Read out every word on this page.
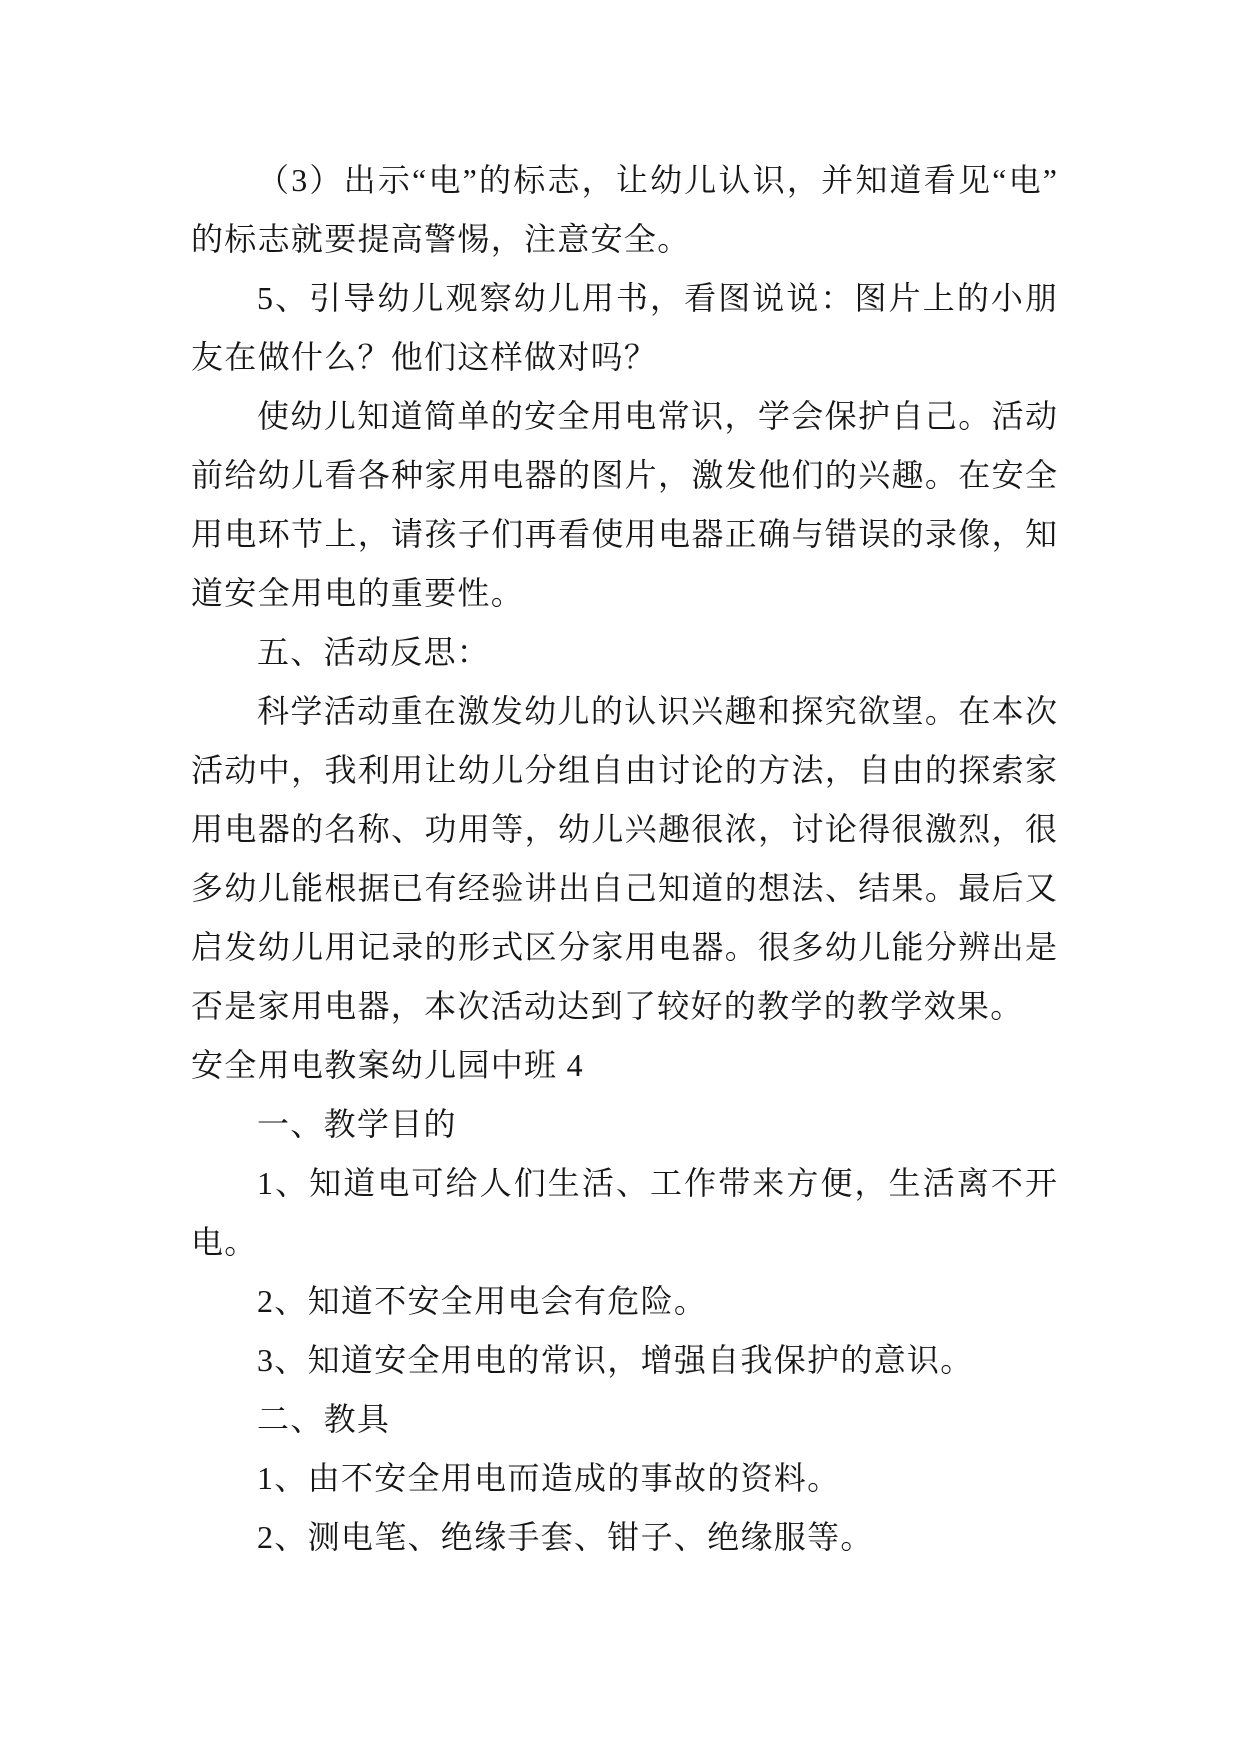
（3）出示“电”的标志，让幼儿认识，并知道看见“电”
的标志就要提高警惕，注意安全。
5、引导幼儿观察幼儿用书，看图说说：图片上的小朋
友在做什么？他们这样做对吗？
使幼儿知道简单的安全用电常识，学会保护自己。活动
前给幼儿看各种家用电器的图片，激发他们的兴趣。在安全
用电环节上，请孩子们再看使用电器正确与错误的录像，知
道安全用电的重要性。
五、活动反思：
科学活动重在激发幼儿的认识兴趣和探究欲望。在本次
活动中，我利用让幼儿分组自由讨论的方法，自由的探索家
用电器的名称、功用等，幼儿兴趣很浓，讨论得很激烈，很
多幼儿能根据已有经验讲出自己知道的想法、结果。最后又
启发幼儿用记录的形式区分家用电器。很多幼儿能分辨出是
否是家用电器，本次活动达到了较好的教学的教学效果。
安全用电教案幼儿园中班 4
一、教学目的
1、知道电可给人们生活、工作带来方便，生活离不开
电。
2、知道不安全用电会有危险。
3、知道安全用电的常识，增强自我保护的意识。
二、教具
1、由不安全用电而造成的事故的资料。
2、测电笔、绝缘手套、钳子、绝缘服等。
